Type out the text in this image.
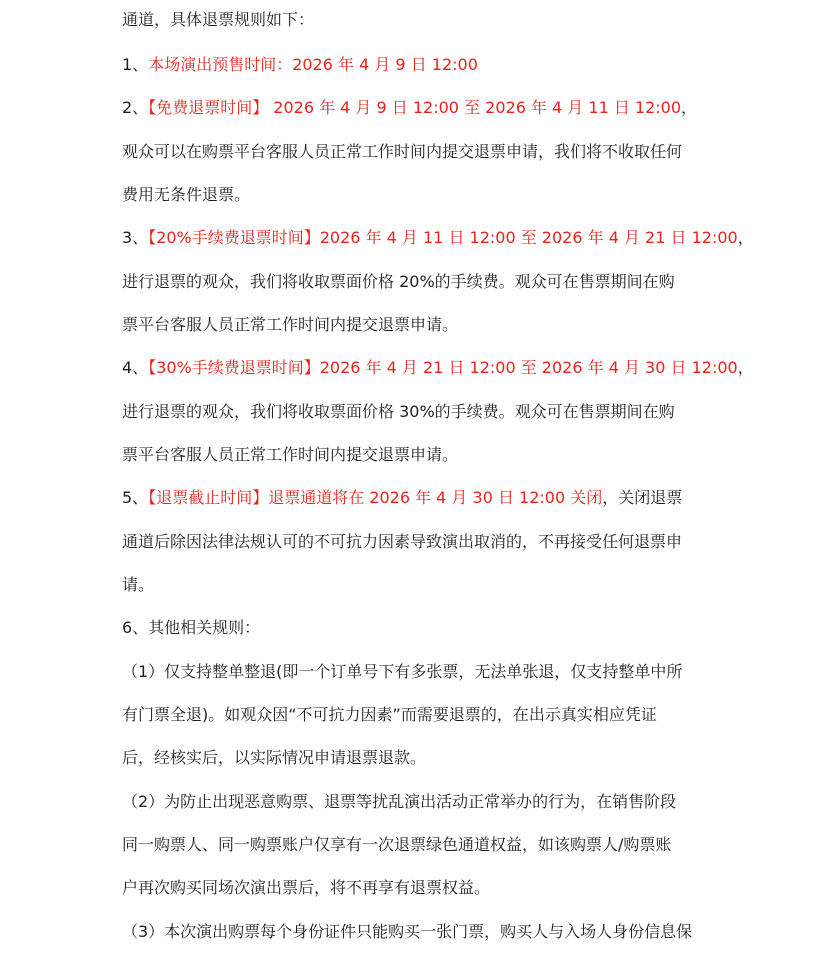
通道，具体退票规则如下：
1、本场演出预售时间：2026 年 4 月 9 日 12:00
2、【免费退票时间】 2026 年 4 月 9 日 12:00 至 2026 年 4 月 11 日 12:00，
观众可以在购票平台客服人员正常工作时间内提交退票申请，我们将不收取任何
费用无条件退票。
3、【20%手续费退票时间】2026 年 4 月 11 日 12:00 至 2026 年 4 月 21 日 12:00，
进行退票的观众，我们将收取票面价格 20%的手续费。观众可在售票期间在购
票平台客服人员正常工作时间内提交退票申请。
4、【30%手续费退票时间】2026 年 4 月 21 日 12:00 至 2026 年 4 月 30 日 12:00，
进行退票的观众，我们将收取票面价格 30%的手续费。观众可在售票期间在购
票平台客服人员正常工作时间内提交退票申请。
5、【退票截止时间】退票通道将在 2026 年 4 月 30 日 12:00 关闭，关闭退票
通道后除因法律法规认可的不可抗力因素导致演出取消的，不再接受任何退票申
请。
6、其他相关规则：
（1）仅支持整单整退(即一个订单号下有多张票，无法单张退，仅支持整单中所
有门票全退)。如观众因“不可抗力因素”而需要退票的，在出示真实相应凭证
后，经核实后，以实际情况申请退票退款。
（2）为防止出现恶意购票、退票等扰乱演出活动正常举办的行为，在销售阶段
同一购票人、同一购票账户仅享有一次退票绿色通道权益，如该购票人/购票账
户再次购买同场次演出票后，将不再享有退票权益。
（3）本次演出购票每个身份证件只能购买一张门票，购买人与入场人身份信息保
